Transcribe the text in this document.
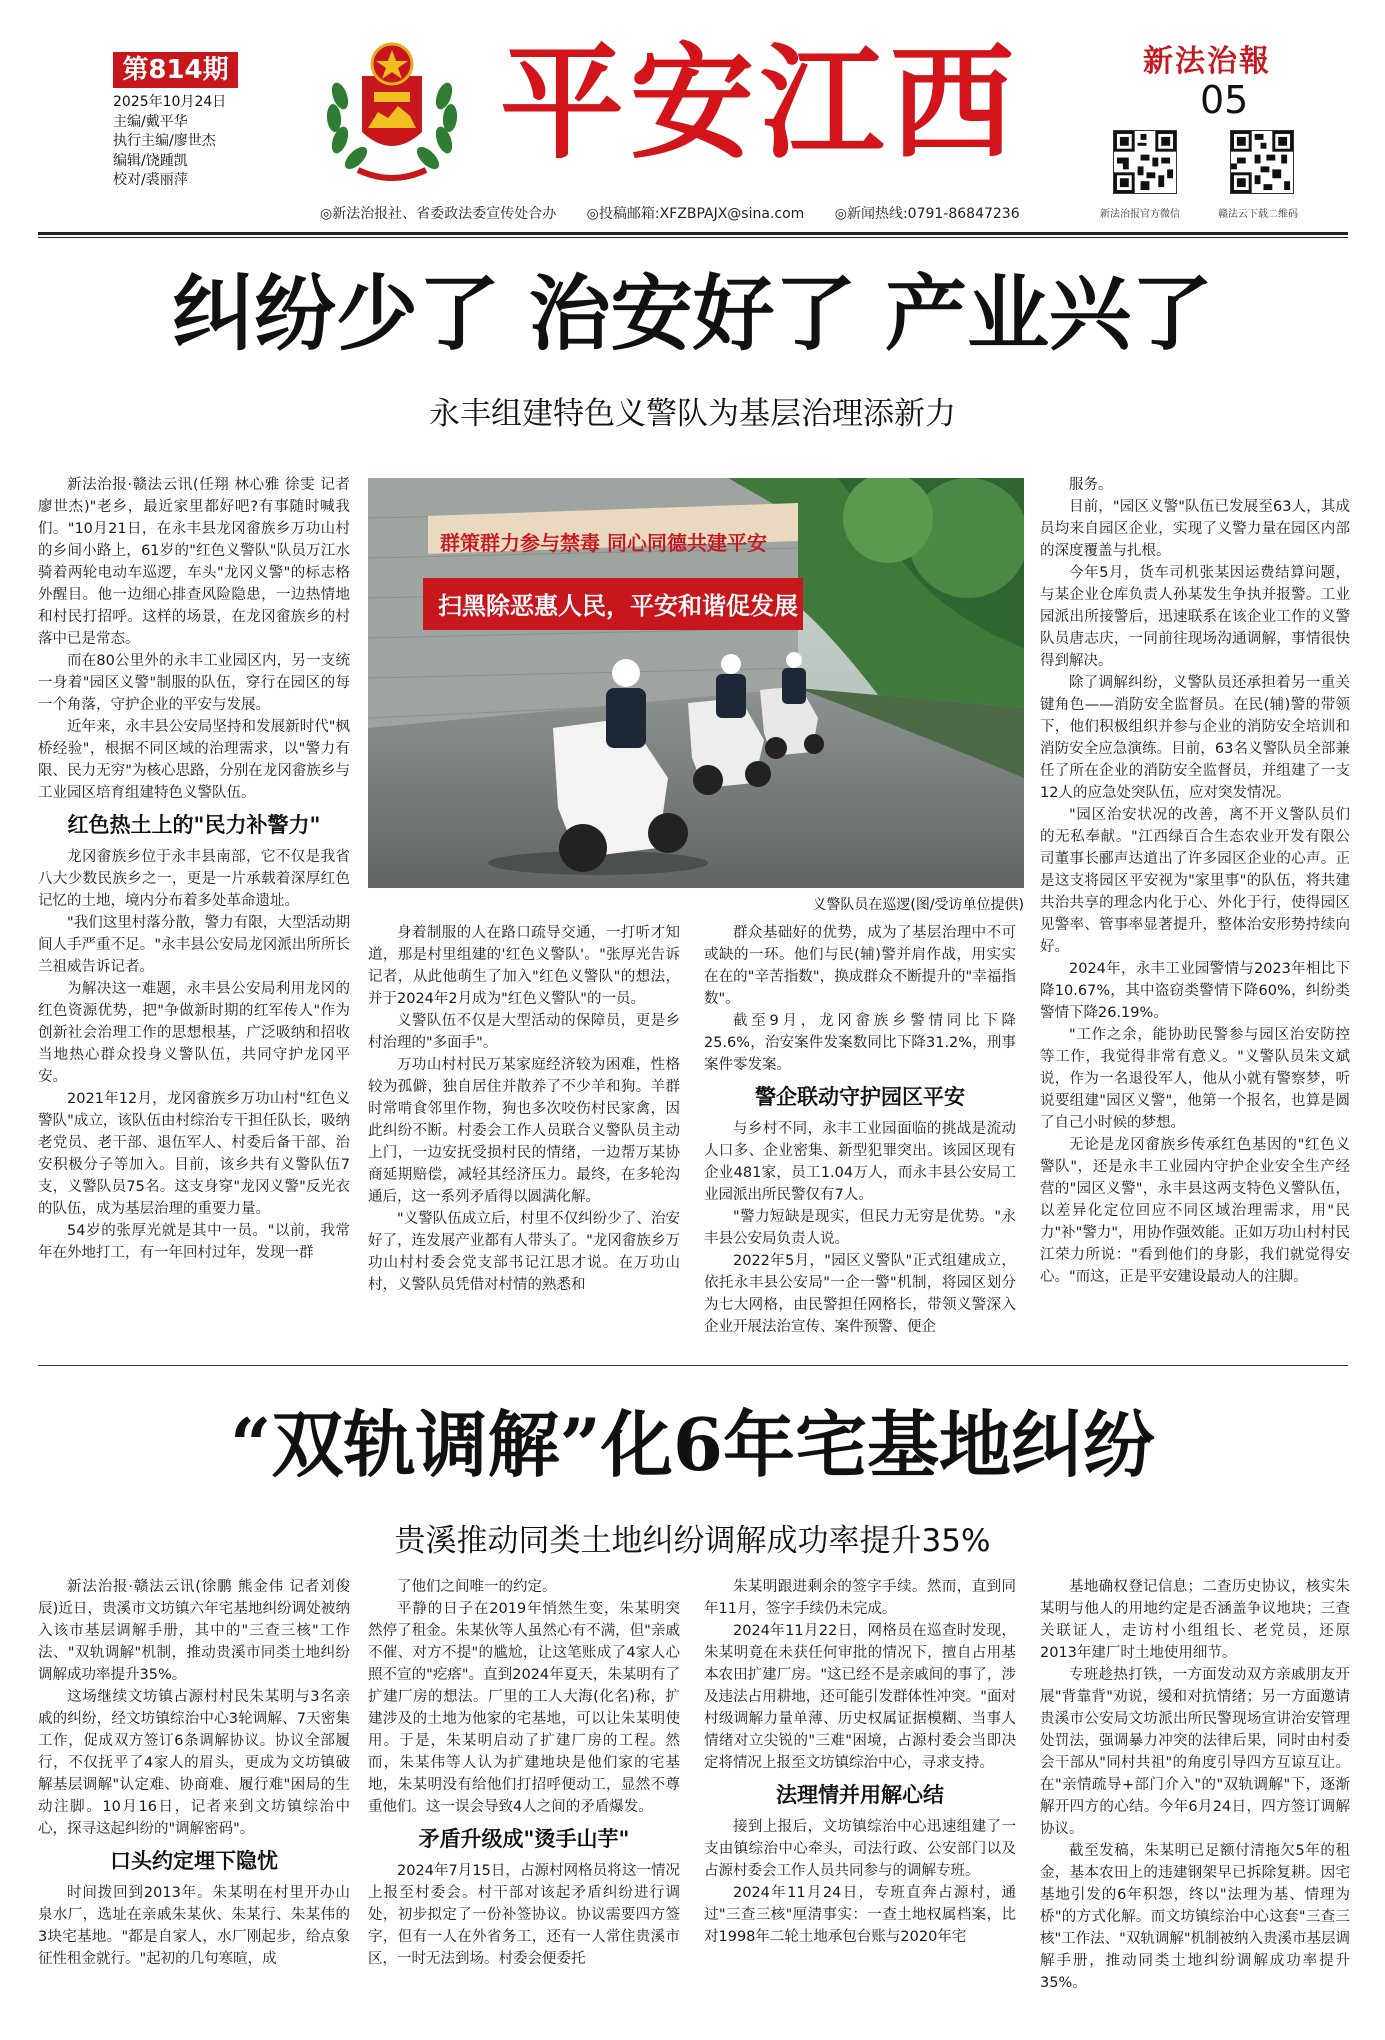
第814期
2025年10月24日
主编/戴平华
执行主编/廖世杰
编辑/饶踵凯
校对/裘丽萍
平安江西	新法治報
05
新法治报官方微信	赣法云下载二维码
◎新法治报社、省委政法委宣传处合办 ◎投稿邮箱:XFZBPAJX@sina.com ◎新闻热线:0791-86847236
纠纷少了 治安好了 产业兴了
永丰组建特色义警队为基层治理添新力

新法治报·赣法云讯(任翔 林心雅 徐雯 记者廖世杰)"老乡，最近家里都好吧?有事随时喊我们。"10月21日，在永丰县龙冈畲族乡万功山村的乡间小路上，61岁的"红色义警队"队员万江水骑着两轮电动车巡逻，车头"龙冈义警"的标志格外醒目。他一边细心排查风险隐患，一边热情地和村民打招呼。这样的场景，在龙冈畲族乡的村落中已是常态。

而在80公里外的永丰工业园区内，另一支统一身着"园区义警"制服的队伍，穿行在园区的每一个角落，守护企业的平安与发展。

近年来，永丰县公安局坚持和发展新时代"枫桥经验"，根据不同区域的治理需求，以"警力有限、民力无穷"为核心思路，分别在龙冈畲族乡与工业园区培育组建特色义警队伍。

红色热土上的"民力补警力"

龙冈畲族乡位于永丰县南部，它不仅是我省八大少数民族乡之一，更是一片承载着深厚红色记忆的土地，境内分布着多处革命遗址。

"我们这里村落分散，警力有限，大型活动期间人手严重不足。"永丰县公安局龙冈派出所所长兰祖威告诉记者。

为解决这一难题，永丰县公安局利用龙冈的红色资源优势，把"争做新时期的红军传人"作为创新社会治理工作的思想根基，广泛吸纳和招收当地热心群众投身义警队伍，共同守护龙冈平安。

2021年12月，龙冈畲族乡万功山村"红色义警队"成立，该队伍由村综治专干担任队长，吸纳老党员、老干部、退伍军人、村委后备干部、治安积极分子等加入。目前，该乡共有义警队伍7支，义警队员75名。这支身穿"龙冈义警"反光衣的队伍，成为基层治理的重要力量。

54岁的张厚光就是其中一员。"以前，我常年在外地打工，有一年回村过年，发现一群

群策群力参与禁毒 同心同德共建平安
扫黑除恶惠人民，平安和谐促发展
义警队员在巡逻(图/受访单位提供)

身着制服的人在路口疏导交通，一打听才知道，那是村里组建的'红色义警队'。"张厚光告诉记者，从此他萌生了加入"红色义警队"的想法，并于2024年2月成为"红色义警队"的一员。

义警队伍不仅是大型活动的保障员，更是乡村治理的"多面手"。

万功山村村民万某家庭经济较为困难，性格较为孤僻，独自居住并散养了不少羊和狗。羊群时常啃食邻里作物，狗也多次咬伤村民家禽，因此纠纷不断。村委会工作人员联合义警队员主动上门，一边安抚受损村民的情绪，一边帮万某协商延期赔偿，减轻其经济压力。最终，在多轮沟通后，这一系列矛盾得以圆满化解。

"义警队伍成立后，村里不仅纠纷少了、治安好了，连发展产业都有人带头了。"龙冈畲族乡万功山村村委会党支部书记江思才说。在万功山村，义警队员凭借对村情的熟悉和

群众基础好的优势，成为了基层治理中不可或缺的一环。他们与民(辅)警并肩作战，用实实在在的"辛苦指数"，换成群众不断提升的"幸福指数"。

截至9月，龙冈畲族乡警情同比下降25.6%，治安案件发案数同比下降31.2%，刑事案件零发案。

警企联动守护园区平安

与乡村不同，永丰工业园面临的挑战是流动人口多、企业密集、新型犯罪突出。该园区现有企业481家，员工1.04万人，而永丰县公安局工业园派出所民警仅有7人。

"警力短缺是现实，但民力无穷是优势。"永丰县公安局负责人说。

2022年5月，"园区义警队"正式组建成立，依托永丰县公安局"一企一警"机制，将园区划分为七大网格，由民警担任网格长，带领义警深入企业开展法治宣传、案件预警、便企

服务。

目前，"园区义警"队伍已发展至63人，其成员均来自园区企业，实现了义警力量在园区内部的深度覆盖与扎根。

今年5月，货车司机张某因运费结算问题，与某企业仓库负责人孙某发生争执并报警。工业园派出所接警后，迅速联系在该企业工作的义警队员唐志庆，一同前往现场沟通调解，事情很快得到解决。

除了调解纠纷，义警队员还承担着另一重关键角色——消防安全监督员。在民(辅)警的带领下，他们积极组织并参与企业的消防安全培训和消防安全应急演练。目前，63名义警队员全部兼任了所在企业的消防安全监督员，并组建了一支12人的应急处突队伍，应对突发情况。

"园区治安状况的改善，离不开义警队员们的无私奉献。"江西绿百合生态农业开发有限公司董事长郦声达道出了许多园区企业的心声。正是这支将园区平安视为"家里事"的队伍，将共建共治共享的理念内化于心、外化于行，使得园区见警率、管事率显著提升，整体治安形势持续向好。

2024年，永丰工业园警情与2023年相比下降10.67%，其中盗窃类警情下降60%，纠纷类警情下降26.19%。

"工作之余，能协助民警参与园区治安防控等工作，我觉得非常有意义。"义警队员朱文斌说，作为一名退役军人，他从小就有警察梦，听说要组建"园区义警"，他第一个报名，也算是圆了自己小时候的梦想。

无论是龙冈畲族乡传承红色基因的"红色义警队"，还是永丰工业园内守护企业安全生产经营的"园区义警"，永丰县这两支特色义警队伍，以差异化定位回应不同区域治理需求，用"民力"补"警力"，用协作强效能。正如万功山村村民江荣力所说："看到他们的身影，我们就觉得安心。"而这，正是平安建设最动人的注脚。

“双轨调解”化6年宅基地纠纷
贵溪推动同类土地纠纷调解成功率提升35%

新法治报·赣法云讯(徐鹏 熊金伟 记者刘俊辰)近日，贵溪市文坊镇六年宅基地纠纷调处被纳入该市基层调解手册，其中的"三查三核"工作法、"双轨调解"机制，推动贵溪市同类土地纠纷调解成功率提升35%。

这场继续文坊镇占源村村民朱某明与3名亲戚的纠纷，经文坊镇综治中心3轮调解、7天密集工作，促成双方签订6条调解协议。协议全部履行，不仅抚平了4家人的眉头，更成为文坊镇破解基层调解"认定难、协商难、履行难"困局的生动注脚。10月16日，记者来到文坊镇综治中心，探寻这起纠纷的"调解密码"。

口头约定埋下隐忧

时间拨回到2013年。朱某明在村里开办山泉水厂，选址在亲戚朱某伙、朱某行、朱某伟的3块宅基地。"都是自家人，水厂刚起步，给点象征性租金就行。"起初的几句寒暄，成

了他们之间唯一的约定。

平静的日子在2019年悄然生变，朱某明突然停了租金。朱某伙等人虽然心有不满，但"亲戚不催、对方不提"的尴尬，让这笔账成了4家人心照不宣的"疙瘩"。直到2024年夏天，朱某明有了扩建厂房的想法。厂里的工人大海(化名)称，扩建涉及的土地为他家的宅基地，可以让朱某明使用。于是，朱某明启动了扩建厂房的工程。然而，朱某伟等人认为扩建地块是他们家的宅基地，朱某明没有给他们打招呼便动工，显然不尊重他们。这一误会导致4人之间的矛盾爆发。

矛盾升级成"烫手山芋"

2024年7月15日，占源村网格员将这一情况上报至村委会。村干部对该起矛盾纠纷进行调处，初步拟定了一份补签协议。协议需要四方签字，但有一人在外省务工，还有一人常住贵溪市区，一时无法到场。村委会便委托

朱某明跟进剩余的签字手续。然而，直到同年11月，签字手续仍未完成。

2024年11月22日，网格员在巡查时发现，朱某明竟在未获任何审批的情况下，擅自占用基本农田扩建厂房。"这已经不是亲戚间的事了，涉及违法占用耕地，还可能引发群体性冲突。"面对村级调解力量单薄、历史权属证据模糊、当事人情绪对立尖锐的"三难"困境，占源村委会当即决定将情况上报至文坊镇综治中心，寻求支持。

法理情并用解心结

接到上报后，文坊镇综治中心迅速组建了一支由镇综治中心牵头，司法行政、公安部门以及占源村委会工作人员共同参与的调解专班。

2024年11月24日，专班直奔占源村，通过"三查三核"厘清事实：一查土地权属档案，比对1998年二轮土地承包台账与2020年宅

基地确权登记信息；二查历史协议，核实朱某明与他人的用地约定是否涵盖争议地块；三查关联证人，走访村小组组长、老党员，还原2013年建厂时土地使用细节。

专班趁热打铁，一方面发动双方亲戚朋友开展"背靠背"劝说，缓和对抗情绪；另一方面邀请贵溪市公安局文坊派出所民警现场宣讲治安管理处罚法，强调暴力冲突的法律后果，同时由村委会干部从"同村共祖"的角度引导四方互谅互让。在"亲情疏导+部门介入"的"双轨调解"下，逐渐解开四方的心结。今年6月24日，四方签订调解协议。

截至发稿，朱某明已足额付清拖欠5年的租金，基本农田上的违建钢架早已拆除复耕。因宅基地引发的6年积怨，终以"法理为基、情理为桥"的方式化解。而文坊镇综治中心这套"三查三核"工作法、"双轨调解"机制被纳入贵溪市基层调解手册，推动同类土地纠纷调解成功率提升35%。
